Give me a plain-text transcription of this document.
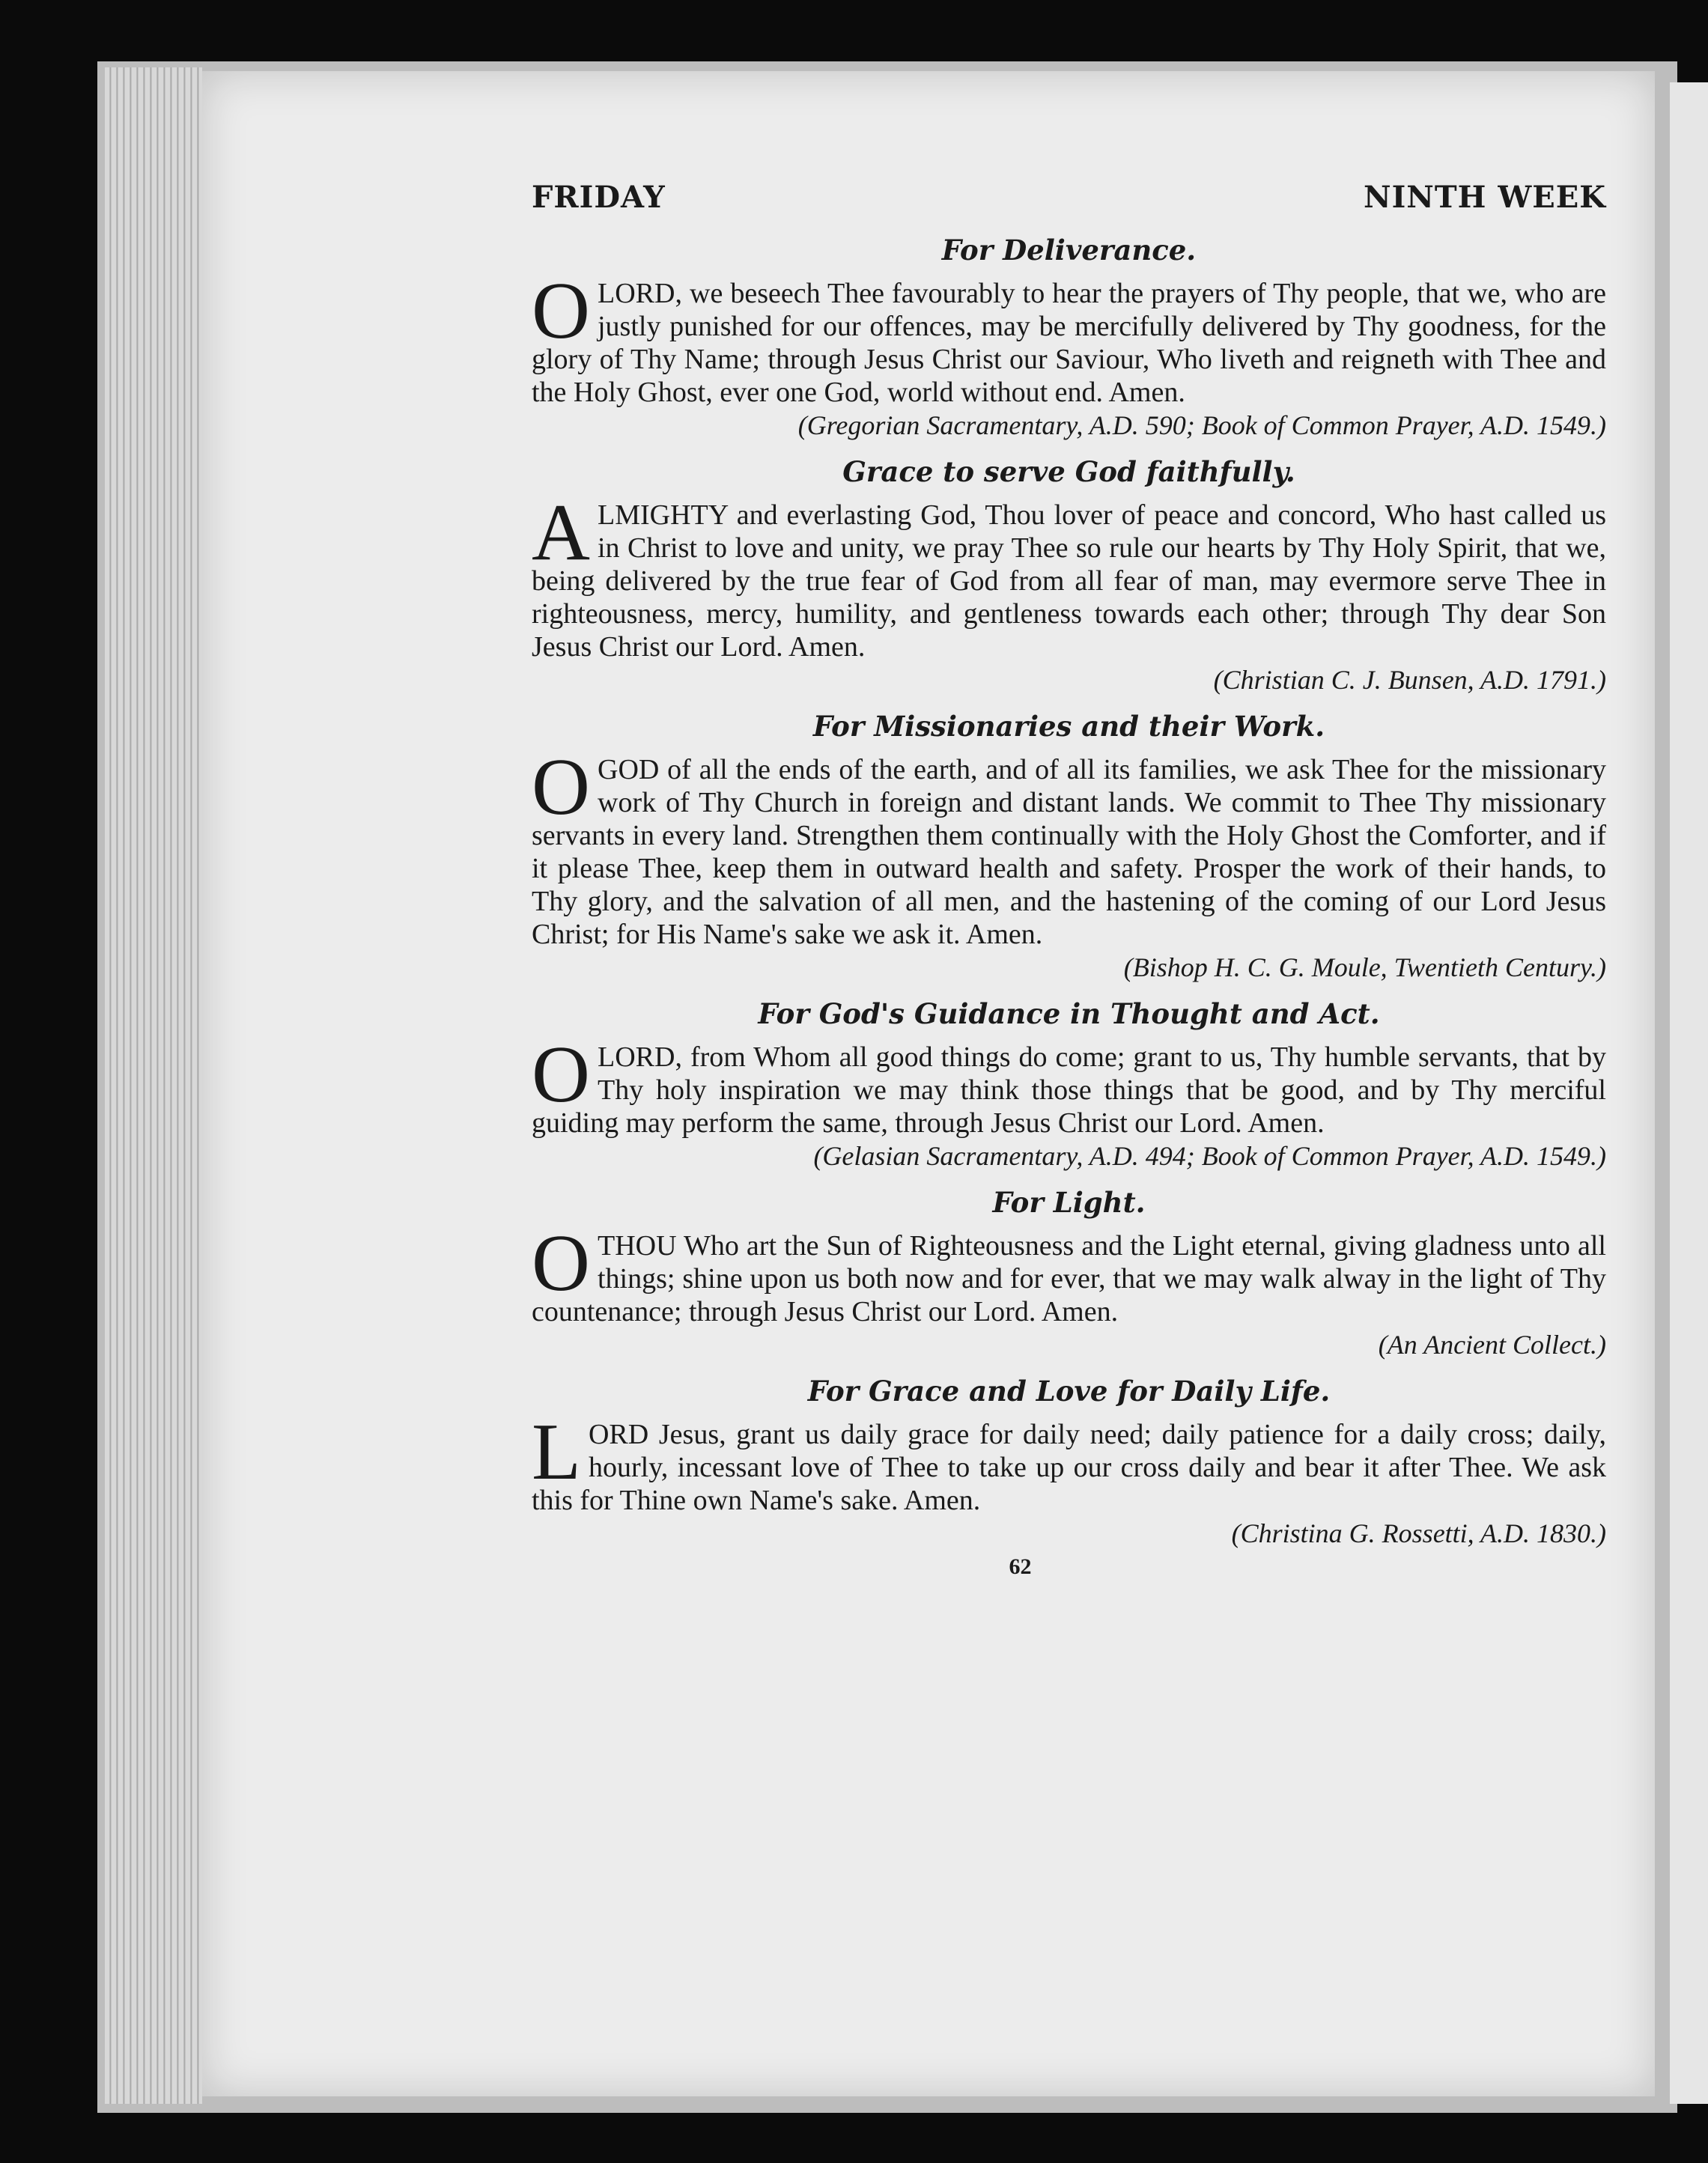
FRIDAY	NINTH WEEK
For Deliverance.
O LORD, we beseech Thee favourably to hear the prayers of Thy people, that we, who are justly punished for our offences, may be mercifully delivered by Thy goodness, for the glory of Thy Name; through Jesus Christ our Saviour, Who liveth and reigneth with Thee and the Holy Ghost, ever one God, world without end. Amen.
(Gregorian Sacramentary, A.D. 590; Book of Common Prayer, A.D. 1549.)
Grace to serve God faithfully.
A LMIGHTY and everlasting God, Thou lover of peace and concord, Who hast called us in Christ to love and unity, we pray Thee so rule our hearts by Thy Holy Spirit, that we, being delivered by the true fear of God from all fear of man, may evermore serve Thee in righteousness, mercy, humility, and gentleness towards each other; through Thy dear Son Jesus Christ our Lord. Amen.
(Christian C. J. Bunsen, A.D. 1791.)
For Missionaries and their Work.
O GOD of all the ends of the earth, and of all its families, we ask Thee for the missionary work of Thy Church in foreign and distant lands. We commit to Thee Thy missionary servants in every land. Strengthen them continually with the Holy Ghost the Comforter, and if it please Thee, keep them in outward health and safety. Prosper the work of their hands, to Thy glory, and the salvation of all men, and the hastening of the coming of our Lord Jesus Christ; for His Name's sake we ask it. Amen.
(Bishop H. C. G. Moule, Twentieth Century.)
For God's Guidance in Thought and Act.
O LORD, from Whom all good things do come; grant to us, Thy humble servants, that by Thy holy inspiration we may think those things that be good, and by Thy merciful guiding may perform the same, through Jesus Christ our Lord. Amen.
(Gelasian Sacramentary, A.D. 494; Book of Common Prayer, A.D. 1549.)
For Light.
O THOU Who art the Sun of Righteousness and the Light eternal, giving gladness unto all things; shine upon us both now and for ever, that we may walk alway in the light of Thy countenance; through Jesus Christ our Lord. Amen.
(An Ancient Collect.)
For Grace and Love for Daily Life.
L ORD Jesus, grant us daily grace for daily need; daily patience for a daily cross; daily, hourly, incessant love of Thee to take up our cross daily and bear it after Thee. We ask this for Thine own Name's sake. Amen.
(Christina G. Rossetti, A.D. 1830.)
62
